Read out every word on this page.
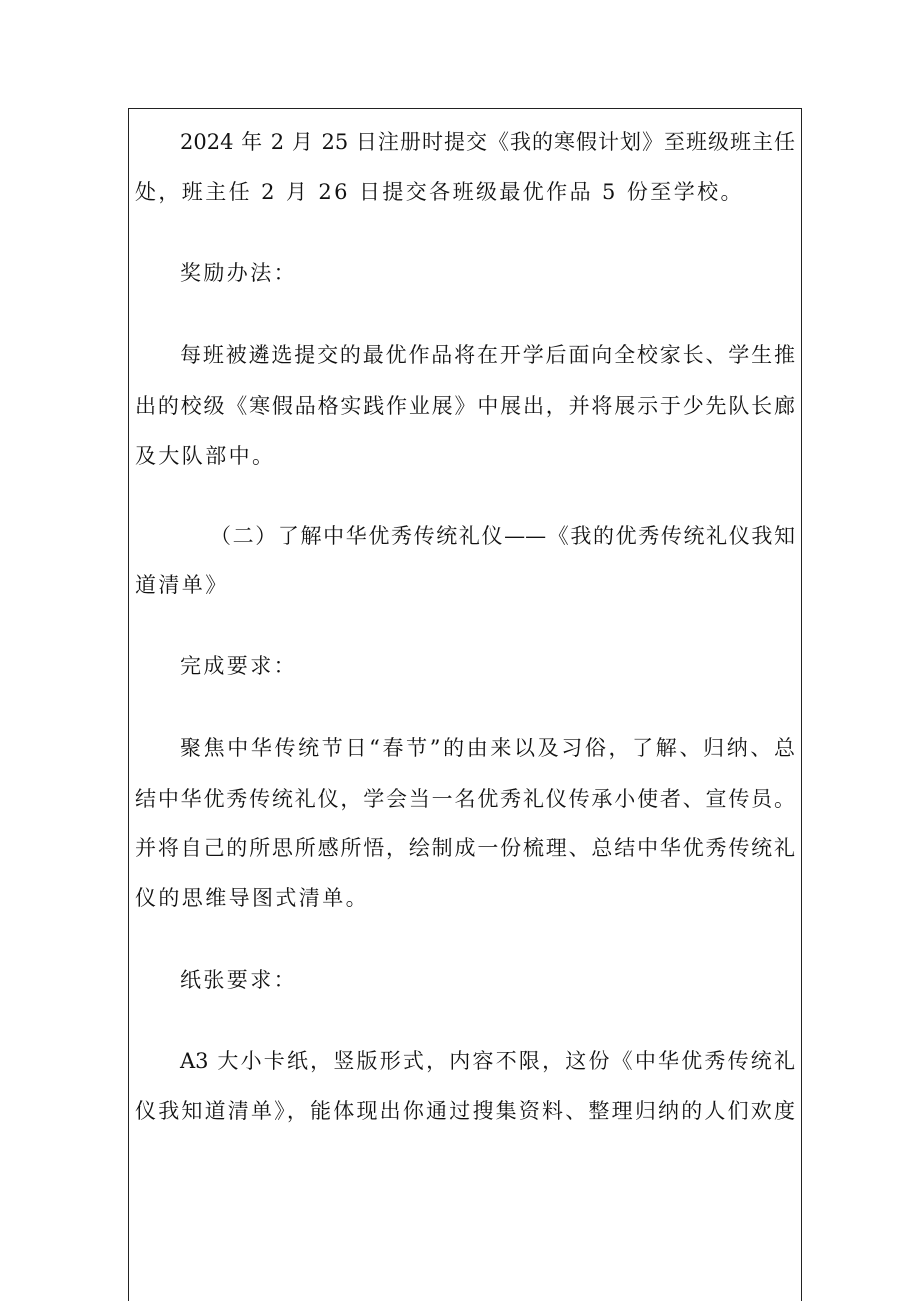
2024 年 2 月 25 日注册时提交《我的寒假计划》至班级班主任

处，班主任 2 月 26 日提交各班级最优作品 5 份至学校。

奖励办法：

每班被遴选提交的最优作品将在开学后面向全校家长、学生推

出的校级《寒假品格实践作业展》中展出，并将展示于少先队长廊

及大队部中。

（二）了解中华优秀传统礼仪——《我的优秀传统礼仪我知

道清单》

完成要求：

聚焦中华传统节日“春节”的由来以及习俗，了解、归纳、总

结中华优秀传统礼仪，学会当一名优秀礼仪传承小使者、宣传员。

并将自己的所思所感所悟，绘制成一份梳理、总结中华优秀传统礼

仪的思维导图式清单。

纸张要求：

A3 大小卡纸，竖版形式，内容不限，这份《中华优秀传统礼

仪我知道清单》，能体现出你通过搜集资料、整理归纳的人们欢度
